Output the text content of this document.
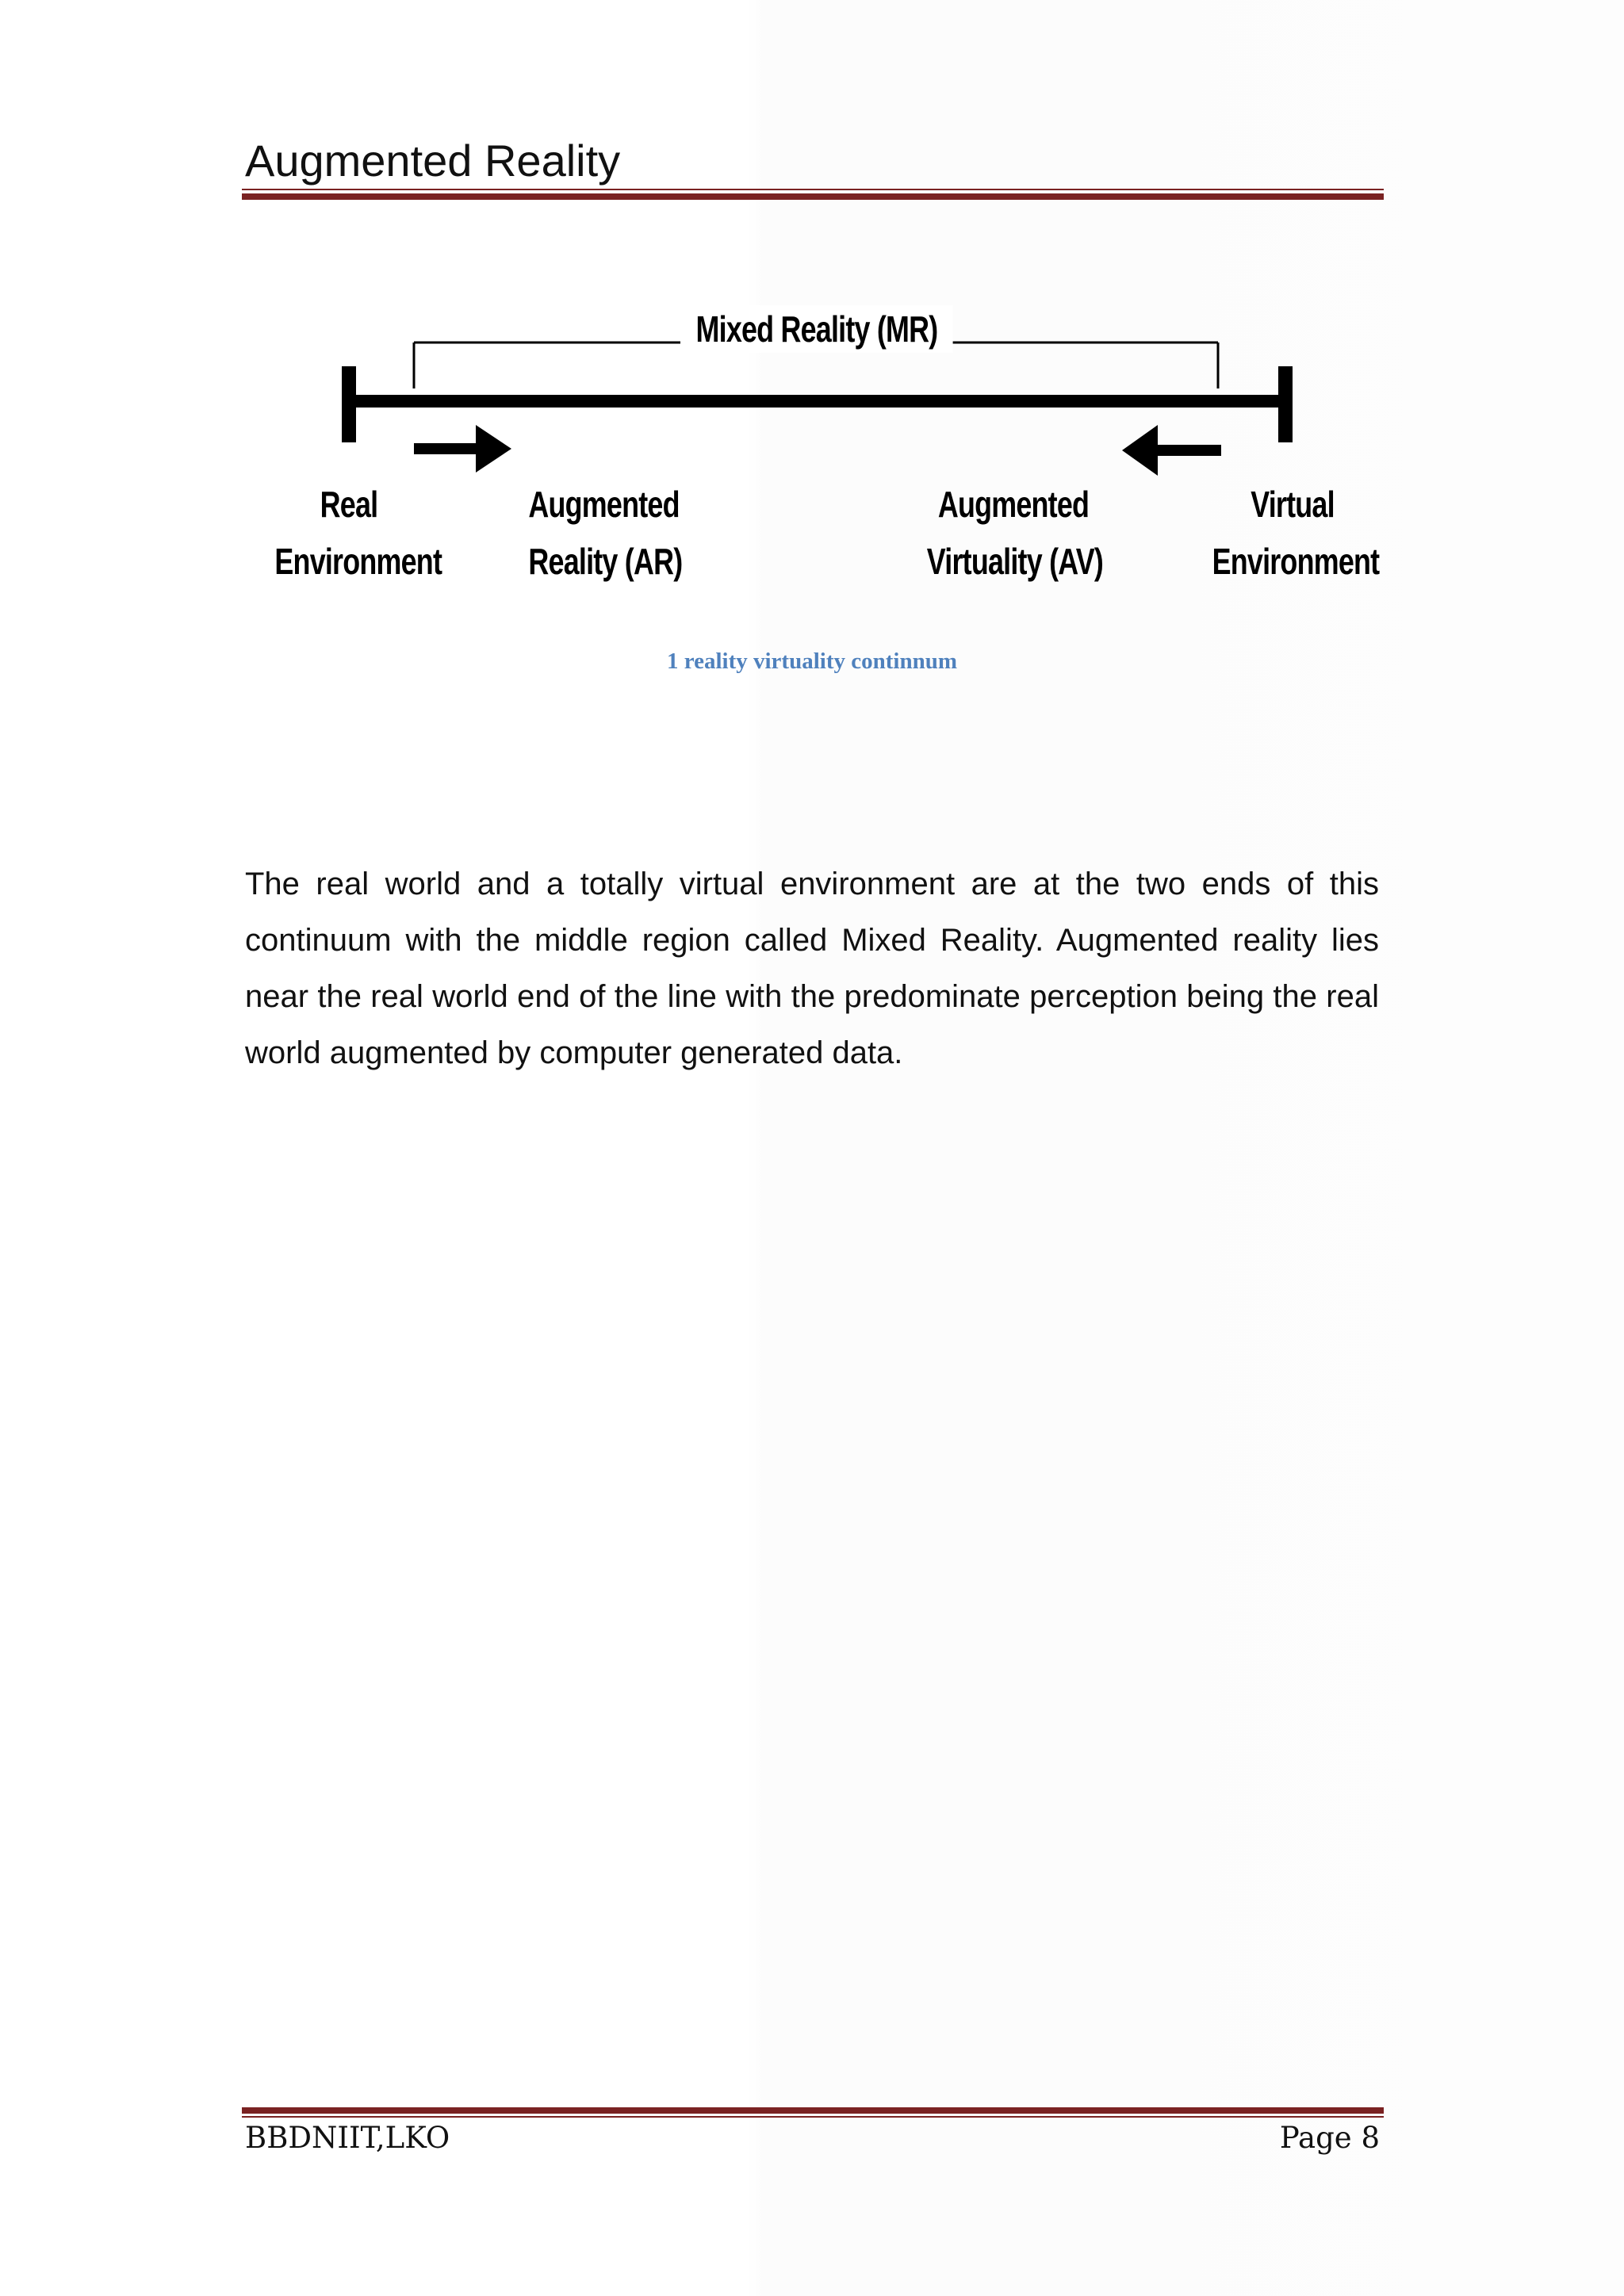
Augmented Reality
Mixed Reality (MR)
Real
Environment
Augmented
Reality (AR)
Augmented
Virtuality (AV)
Virtual
Environment
1 reality virtuality continnum

The real world and a totally virtual environment are at the two ends of this continuum with the middle region called Mixed Reality. Augmented reality lies near the real world end of the line with the predominate perception being the real world augmented by computer generated data.

BBDNIIT,LKO	Page 8
